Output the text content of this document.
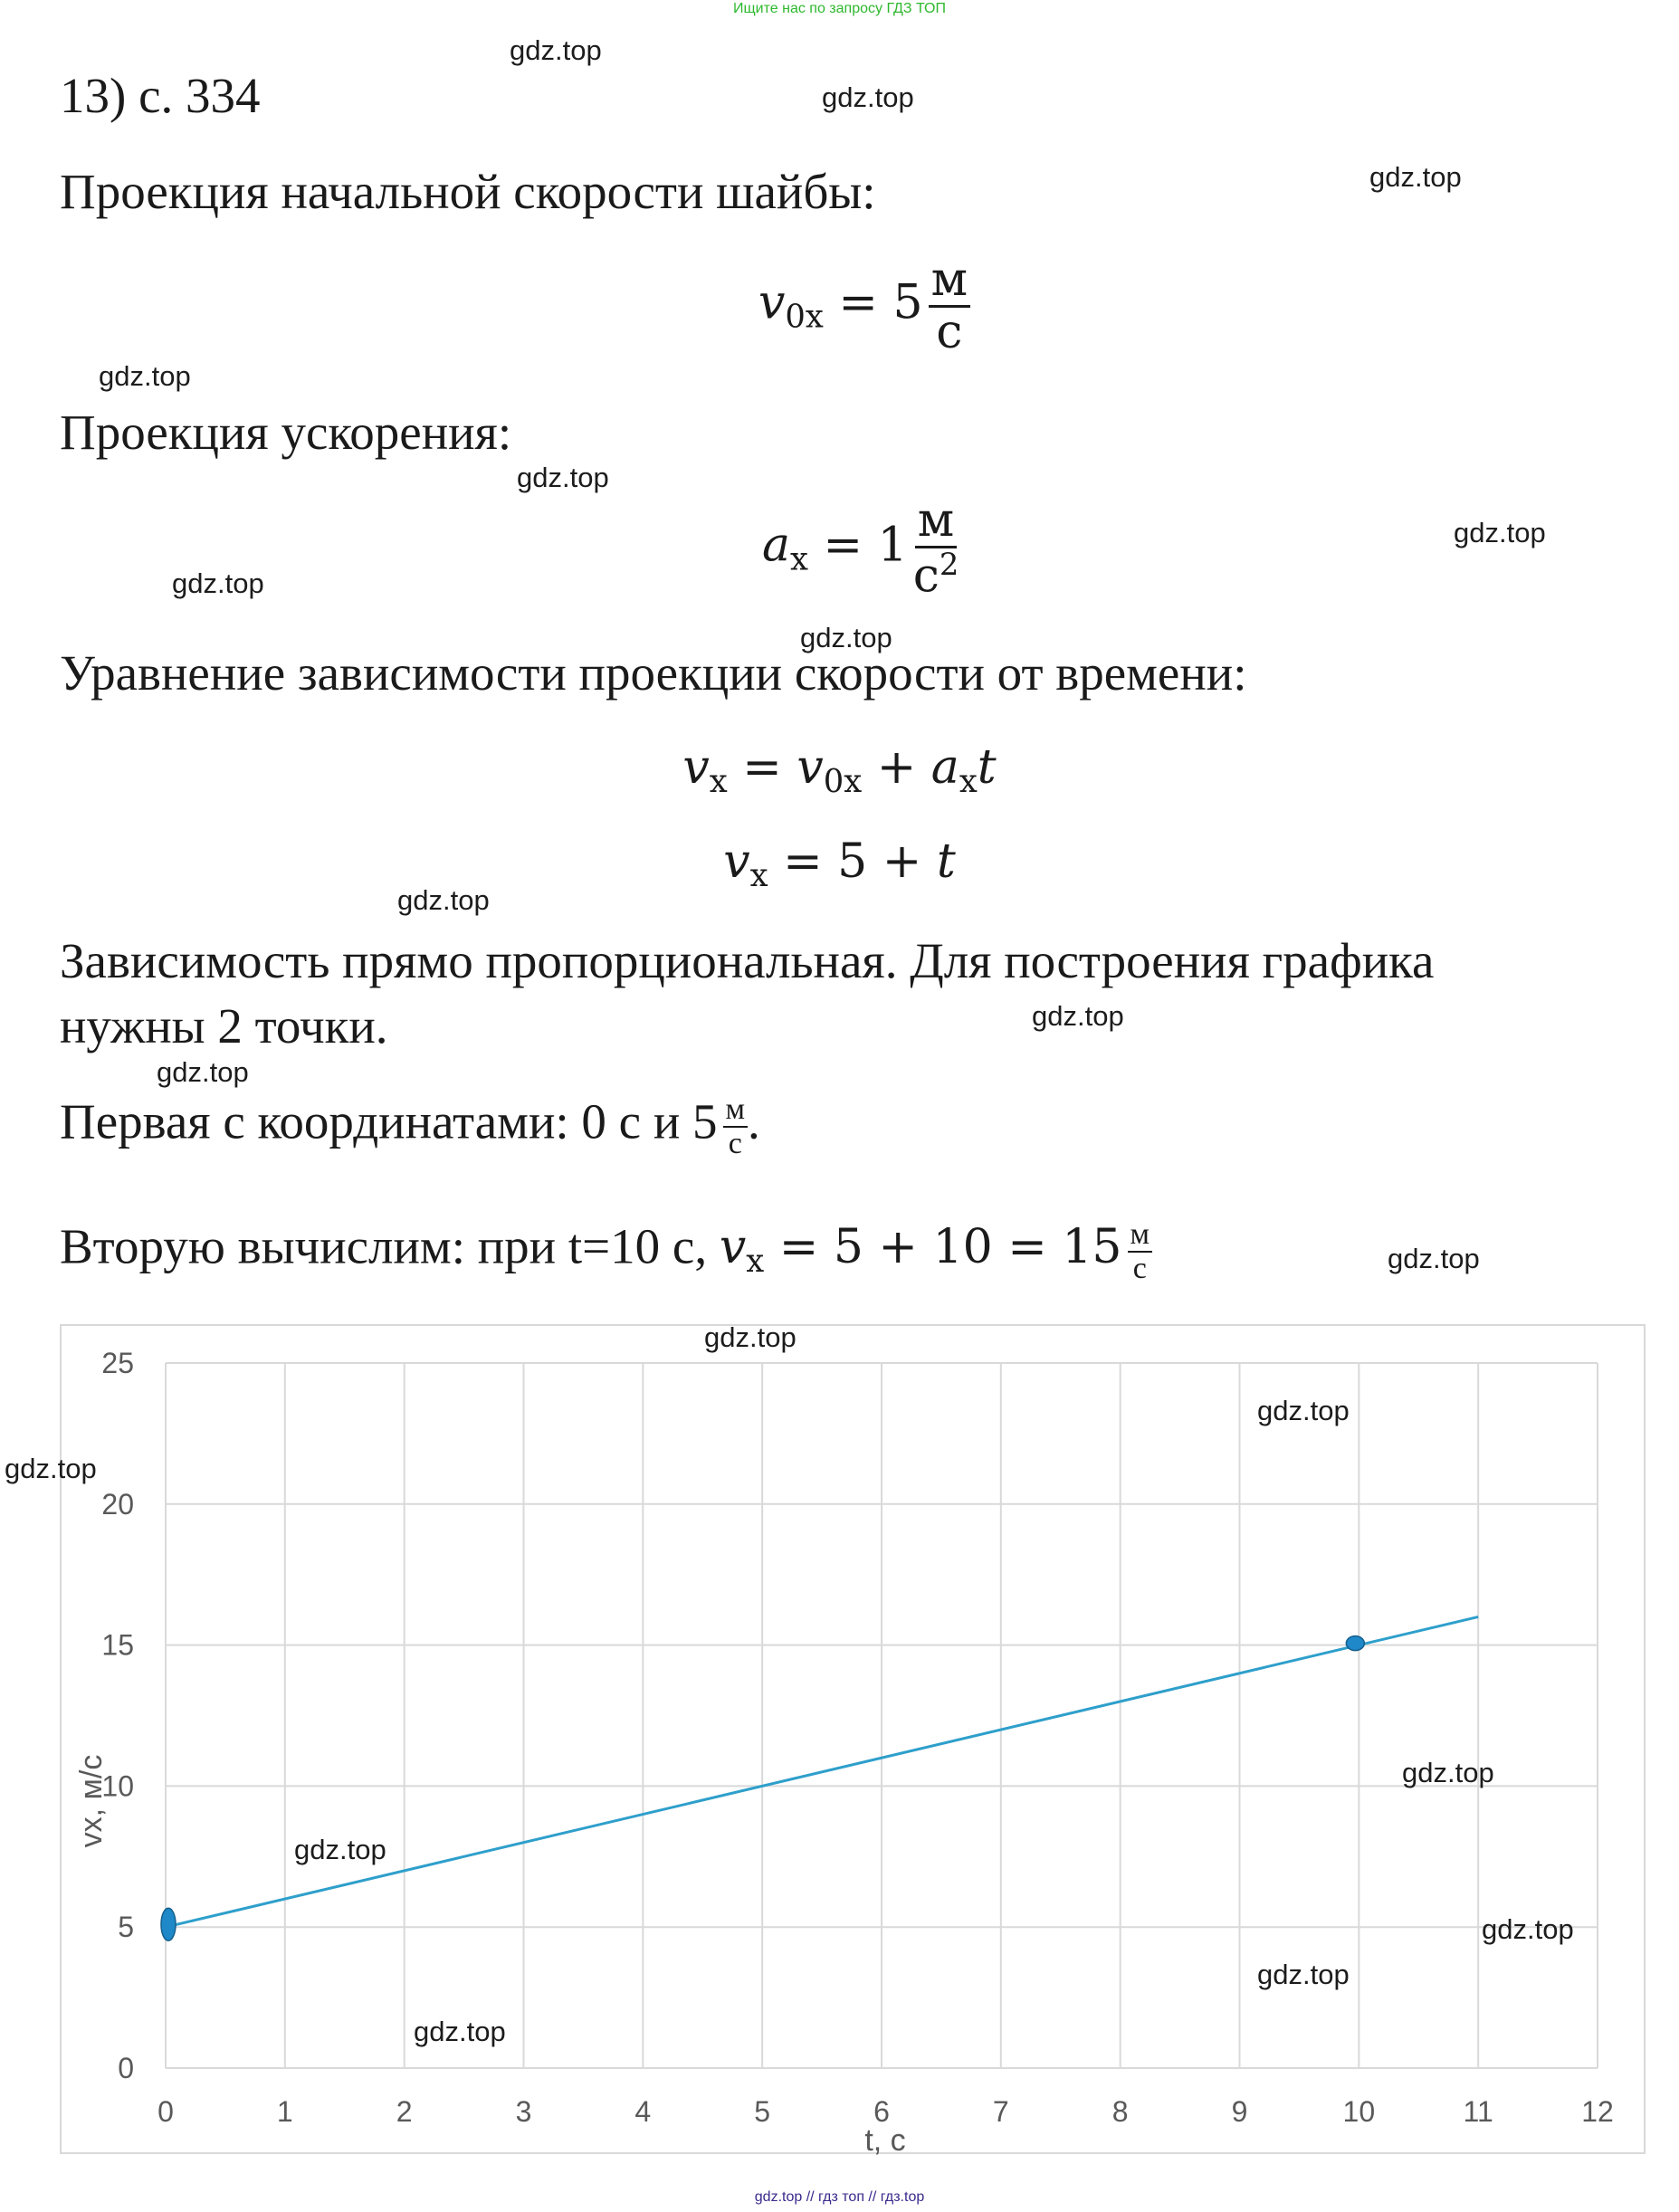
Ищите нас по запросу ГДЗ ТОП
13) с. 334
Проекция начальной скорости шайбы:
$v_{0x} = 5 \frac{м}{с}$
Проекция ускорения:
$a_x = 1 \frac{м}{с^2}$
Уравнение зависимости проекции скорости от времени:
$v_x = v_{0x} + a_xt$
$v_x = 5 + t$
Зависимость прямо пропорциональная. Для построения графика
нужны 2 точки.
Первая с координатами: 0 с и $5 \frac{м}{с}$ .
Вторую вычислим: при t=10 с, $v_x = 5 + 10 = 15 \frac{м}{с}$
0	1	2	3	4	5	6	7	8	9	10	11	12
0
5
10
15
20
25
t, c
vx, м/с
gdz.top
gdz.top
gdz.top
gdz.top
gdz.top
gdz.top
gdz.top
gdz.top
gdz.top
gdz.top
gdz.top
gdz.top
gdz.top
gdz.top
gdz.top
gdz.top
gdz.top
gdz.top
gdz.top
gdz.top
gdz.top // гдз топ // гдз.top
